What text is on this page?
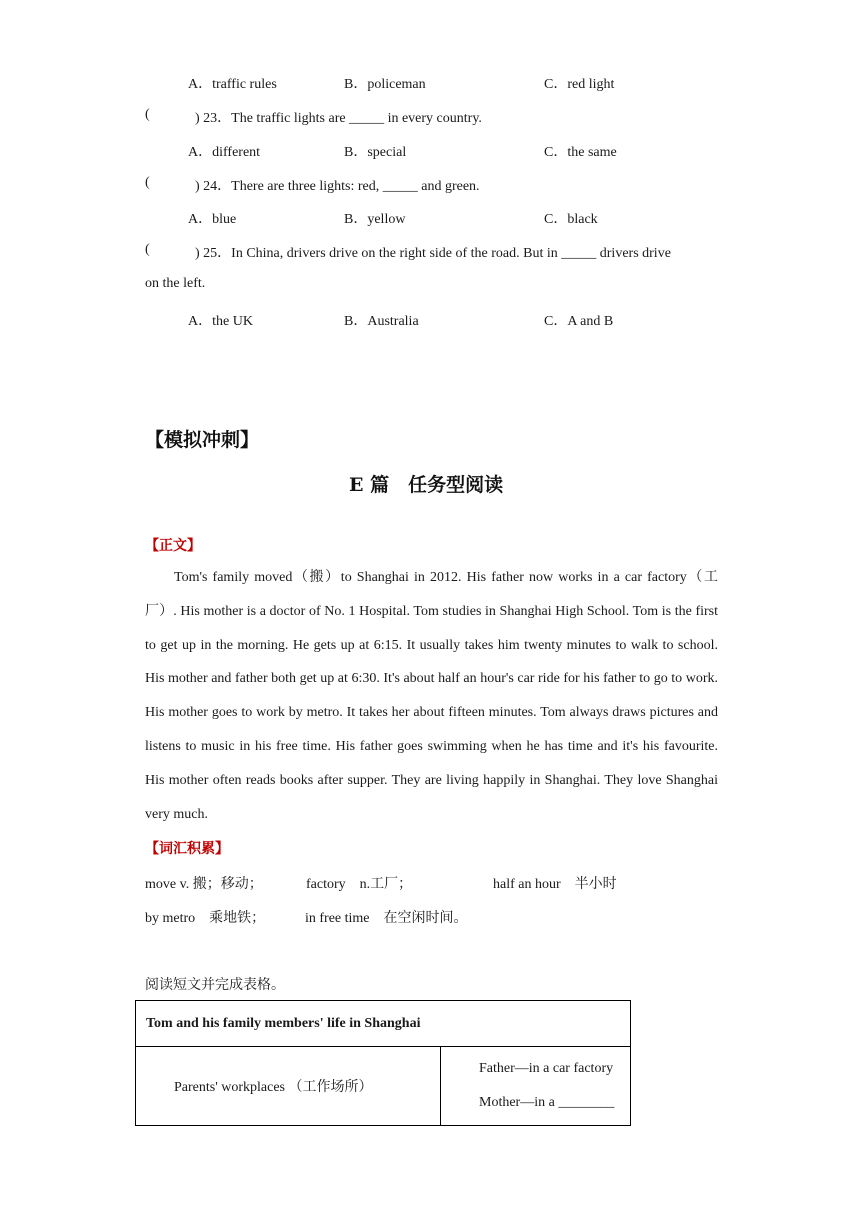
A．traffic rules	B．policeman	C．red light
(	) 23．The traffic lights are _____ in every country.
A．different	B．special	C．the same
(	) 24．There are three lights: red, _____ and green.
A．blue	B．yellow	C．black
(	) 25．In China, drivers drive on the right side of the road. But in _____ drivers drive
on the left.
A．the UK	B．Australia	C．A and B
【模拟冲刺】
E 篇　任务型阅读
【正文】

Tom's family moved（搬）to Shanghai in 2012. His father now works in a car factory（工厂）. His mother is a doctor of No. 1 Hospital. Tom studies in Shanghai High School. Tom is the first to get up in the morning. He gets up at 6:15. It usually takes him twenty minutes to walk to school. His mother and father both get up at 6:30. It's about half an hour's car ride for his father to go to work. His mother goes to work by metro. It takes her about fifteen minutes. Tom always draws pictures and listens to music in his free time. His father goes swimming when he has time and it's his favourite. His mother often reads books after supper. They are living happily in Shanghai. They love Shanghai very much.

【词汇积累】
move v. 搬；移动；	factory　n.工厂；	half an hour　半小时
by metro　乘地铁；	in free time　在空闲时间。
阅读短文并完成表格。
Tom and his family members' life in Shanghai
Parents' workplaces （工作场所）	
Father—in a car factory
Mother—in a ________
